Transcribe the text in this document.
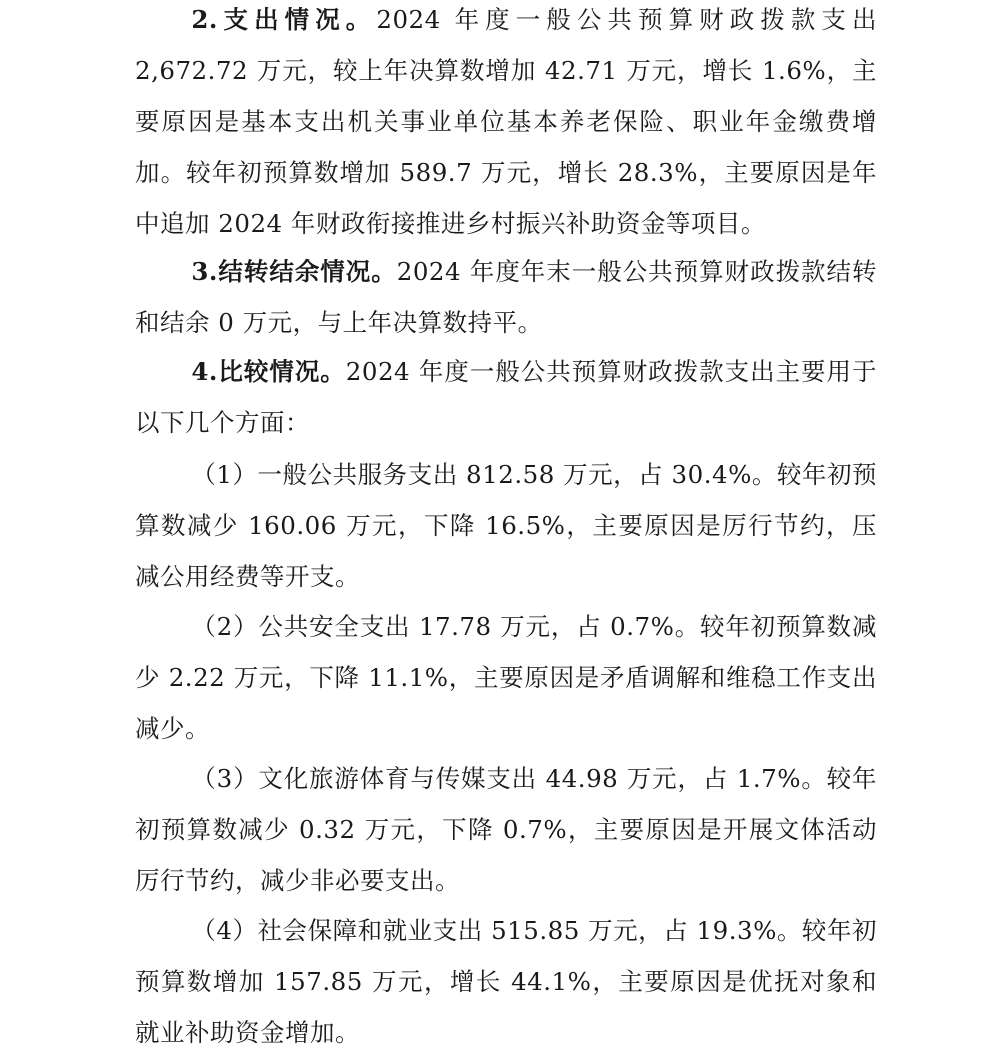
2.支出情况。2024 年度一般公共预算财政拨款支出 2,672.72 万元，较上年决算数增加 42.71 万元，增长 1.6%，主要原因是基本支出机关事业单位基本养老保险、职业年金缴费增加。较年初预算数增加 589.7 万元，增长 28.3%，主要原因是年中追加 2024 年财政衔接推进乡村振兴补助资金等项目。

3.结转结余情况。2024 年度年末一般公共预算财政拨款结转和结余 0 万元，与上年决算数持平。

4.比较情况。2024 年度一般公共预算财政拨款支出主要用于以下几个方面：

（1）一般公共服务支出 812.58 万元，占 30.4%。较年初预算数减少 160.06 万元，下降 16.5%，主要原因是厉行节约，压减公用经费等开支。

（2）公共安全支出 17.78 万元，占 0.7%。较年初预算数减少 2.22 万元，下降 11.1%，主要原因是矛盾调解和维稳工作支出减少。

（3）文化旅游体育与传媒支出 44.98 万元，占 1.7%。较年初预算数减少 0.32 万元，下降 0.7%，主要原因是开展文体活动厉行节约，减少非必要支出。

（4）社会保障和就业支出 515.85 万元，占 19.3%。较年初预算数增加 157.85 万元，增长 44.1%，主要原因是优抚对象和就业补助资金增加。
